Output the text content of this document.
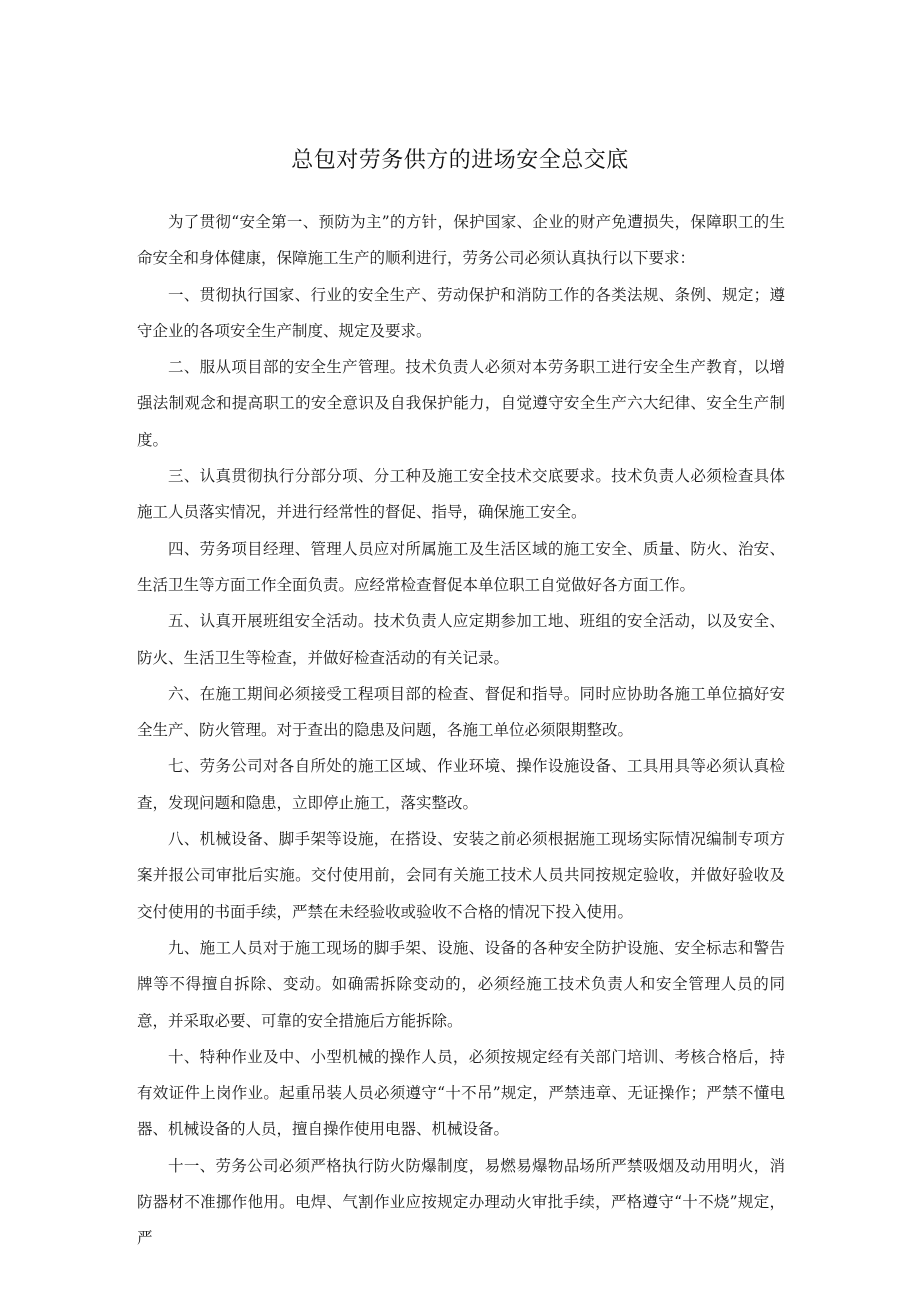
总包对劳务供方的进场安全总交底

为了贯彻“安全第一、预防为主”的方针，保护国家、企业的财产免遭损失，保障职工的生命安全和身体健康，保障施工生产的顺利进行，劳务公司必须认真执行以下要求：

一、贯彻执行国家、行业的安全生产、劳动保护和消防工作的各类法规、条例、规定；遵守企业的各项安全生产制度、规定及要求。

二、服从项目部的安全生产管理。技术负责人必须对本劳务职工进行安全生产教育，以增强法制观念和提高职工的安全意识及自我保护能力，自觉遵守安全生产六大纪律、安全生产制度。

三、认真贯彻执行分部分项、分工种及施工安全技术交底要求。技术负责人必须检查具体施工人员落实情况，并进行经常性的督促、指导，确保施工安全。

四、劳务项目经理、管理人员应对所属施工及生活区域的施工安全、质量、防火、治安、生活卫生等方面工作全面负责。应经常检查督促本单位职工自觉做好各方面工作。

五、认真开展班组安全活动。技术负责人应定期参加工地、班组的安全活动，以及安全、防火、生活卫生等检查，并做好检查活动的有关记录。

六、在施工期间必须接受工程项目部的检查、督促和指导。同时应协助各施工单位搞好安全生产、防火管理。对于查出的隐患及问题，各施工单位必须限期整改。

七、劳务公司对各自所处的施工区域、作业环境、操作设施设备、工具用具等必须认真检查，发现问题和隐患，立即停止施工，落实整改。

八、机械设备、脚手架等设施，在搭设、安装之前必须根据施工现场实际情况编制专项方案并报公司审批后实施。交付使用前，会同有关施工技术人员共同按规定验收，并做好验收及交付使用的书面手续，严禁在未经验收或验收不合格的情况下投入使用。

九、施工人员对于施工现场的脚手架、设施、设备的各种安全防护设施、安全标志和警告牌等不得擅自拆除、变动。如确需拆除变动的，必须经施工技术负责人和安全管理人员的同意，并采取必要、可靠的安全措施后方能拆除。

十、特种作业及中、小型机械的操作人员，必须按规定经有关部门培训、考核合格后，持有效证件上岗作业。起重吊装人员必须遵守“十不吊”规定，严禁违章、无证操作；严禁不懂电器、机械设备的人员，擅自操作使用电器、机械设备。

十一、劳务公司必须严格执行防火防爆制度，易燃易爆物品场所严禁吸烟及动用明火，消防器材不准挪作他用。电焊、气割作业应按规定办理动火审批手续，严格遵守“十不烧”规定，严
